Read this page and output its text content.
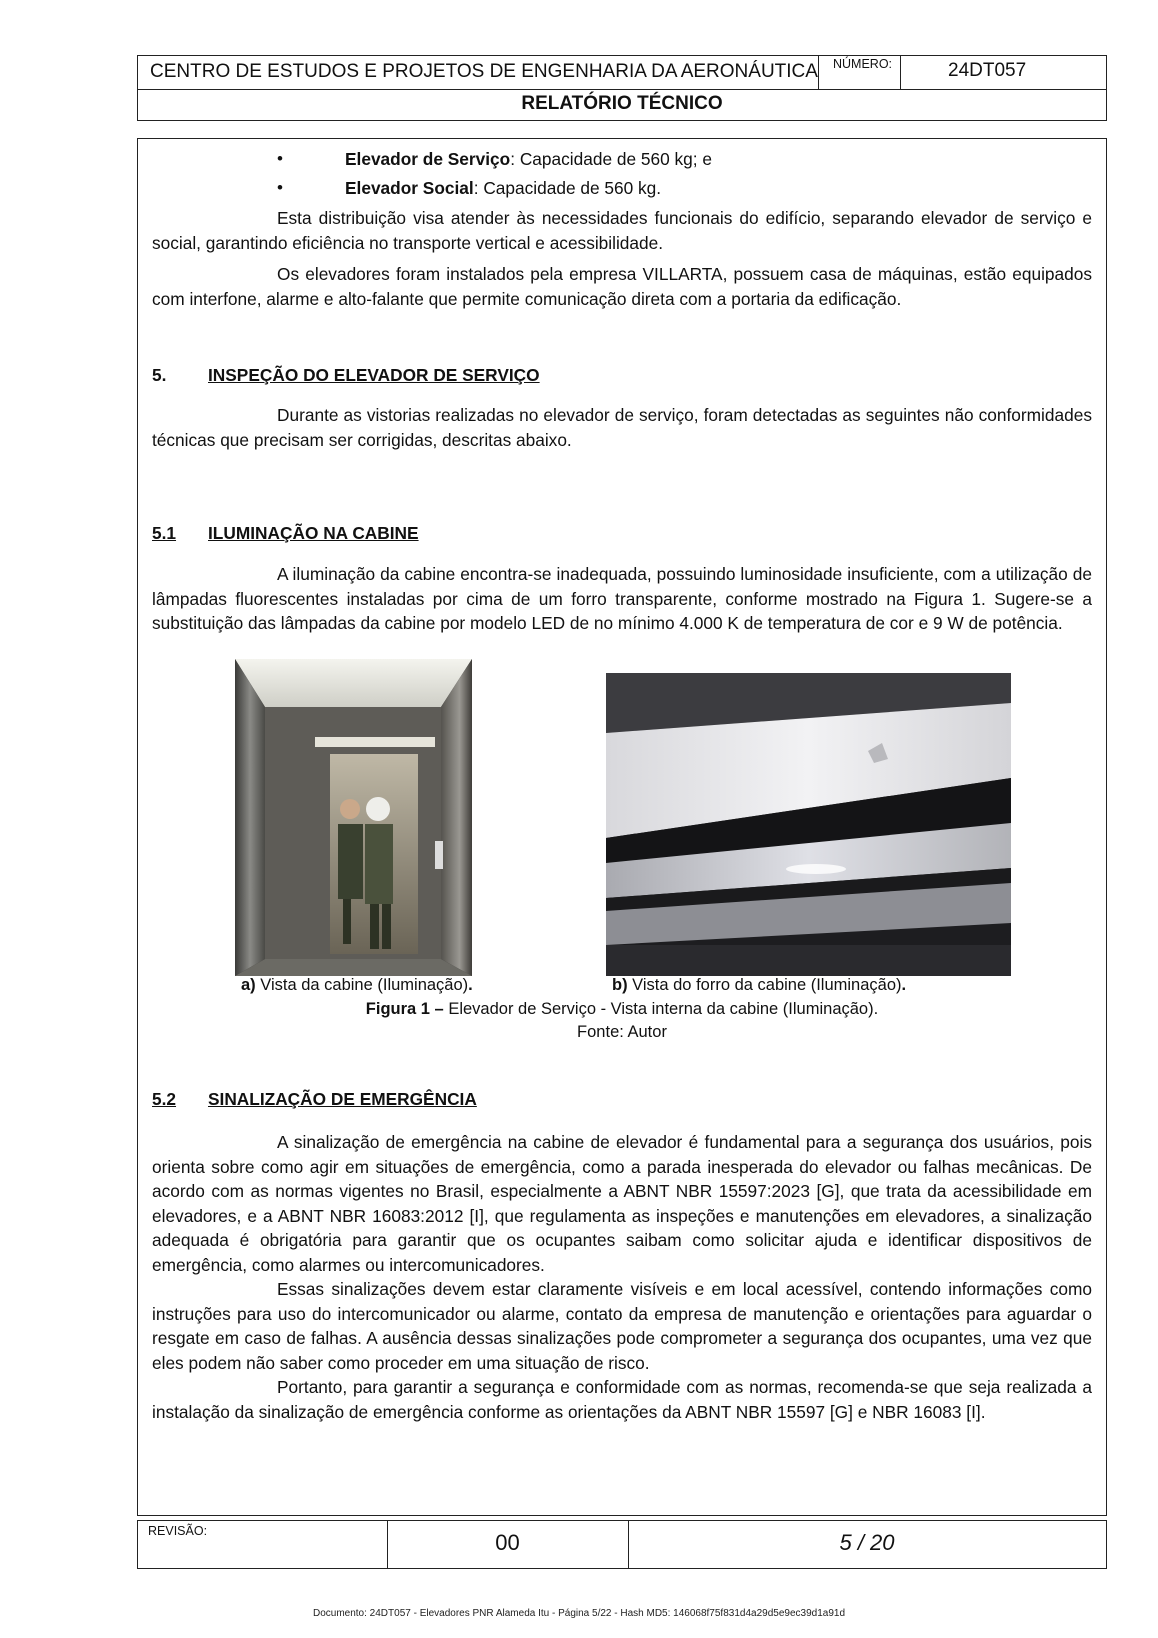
CENTRO DE ESTUDOS E PROJETOS DE ENGENHARIA DA AERONÁUTICA NÚMERO:	24DT057
RELATÓRIO TÉCNICO
•	Elevador de Serviço: Capacidade de 560 kg; e
•	Elevador Social: Capacidade de 560 kg.
Esta distribuição visa atender às necessidades funcionais do edifício, separando elevador de serviço e social, garantindo eficiência no transporte vertical e acessibilidade.
Os elevadores foram instalados pela empresa VILLARTA, possuem casa de máquinas, estão equipados com interfone, alarme e alto-falante que permite comunicação direta com a portaria da edificação.
5. INSPEÇÃO DO ELEVADOR DE SERVIÇO
Durante as vistorias realizadas no elevador de serviço, foram detectadas as seguintes não conformidades técnicas que precisam ser corrigidas, descritas abaixo.
5.1 ILUMINAÇÃO NA CABINE
A iluminação da cabine encontra-se inadequada, possuindo luminosidade insuficiente, com a utilização de lâmpadas fluorescentes instaladas por cima de um forro transparente, conforme mostrado na Figura 1. Sugere-se a substituição das lâmpadas da cabine por modelo LED de no mínimo 4.000 K de temperatura de cor e 9 W de potência.
a) Vista da cabine (Iluminação).	b) Vista do forro da cabine (Iluminação).
Figura 1 – Elevador de Serviço - Vista interna da cabine (Iluminação).
Fonte: Autor
5.2 SINALIZAÇÃO DE EMERGÊNCIA
A sinalização de emergência na cabine de elevador é fundamental para a segurança dos usuários, pois orienta sobre como agir em situações de emergência, como a parada inesperada do elevador ou falhas mecânicas. De acordo com as normas vigentes no Brasil, especialmente a ABNT NBR 15597:2023 [G], que trata da acessibilidade em elevadores, e a ABNT NBR 16083:2012 [I], que regulamenta as inspeções e manutenções em elevadores, a sinalização adequada é obrigatória para garantir que os ocupantes saibam como solicitar ajuda e identificar dispositivos de emergência, como alarmes ou intercomunicadores.
Essas sinalizações devem estar claramente visíveis e em local acessível, contendo informações como instruções para uso do intercomunicador ou alarme, contato da empresa de manutenção e orientações para aguardar o resgate em caso de falhas. A ausência dessas sinalizações pode comprometer a segurança dos ocupantes, uma vez que eles podem não saber como proceder em uma situação de risco.
Portanto, para garantir a segurança e conformidade com as normas, recomenda-se que seja realizada a instalação da sinalização de emergência conforme as orientações da ABNT NBR 15597 [G] e NBR 16083 [I].
REVISÃO:	00	5 / 20
Documento: 24DT057 - Elevadores PNR Alameda Itu - Página 5/22 - Hash MD5: 146068f75f831d4a29d5e9ec39d1a91d
